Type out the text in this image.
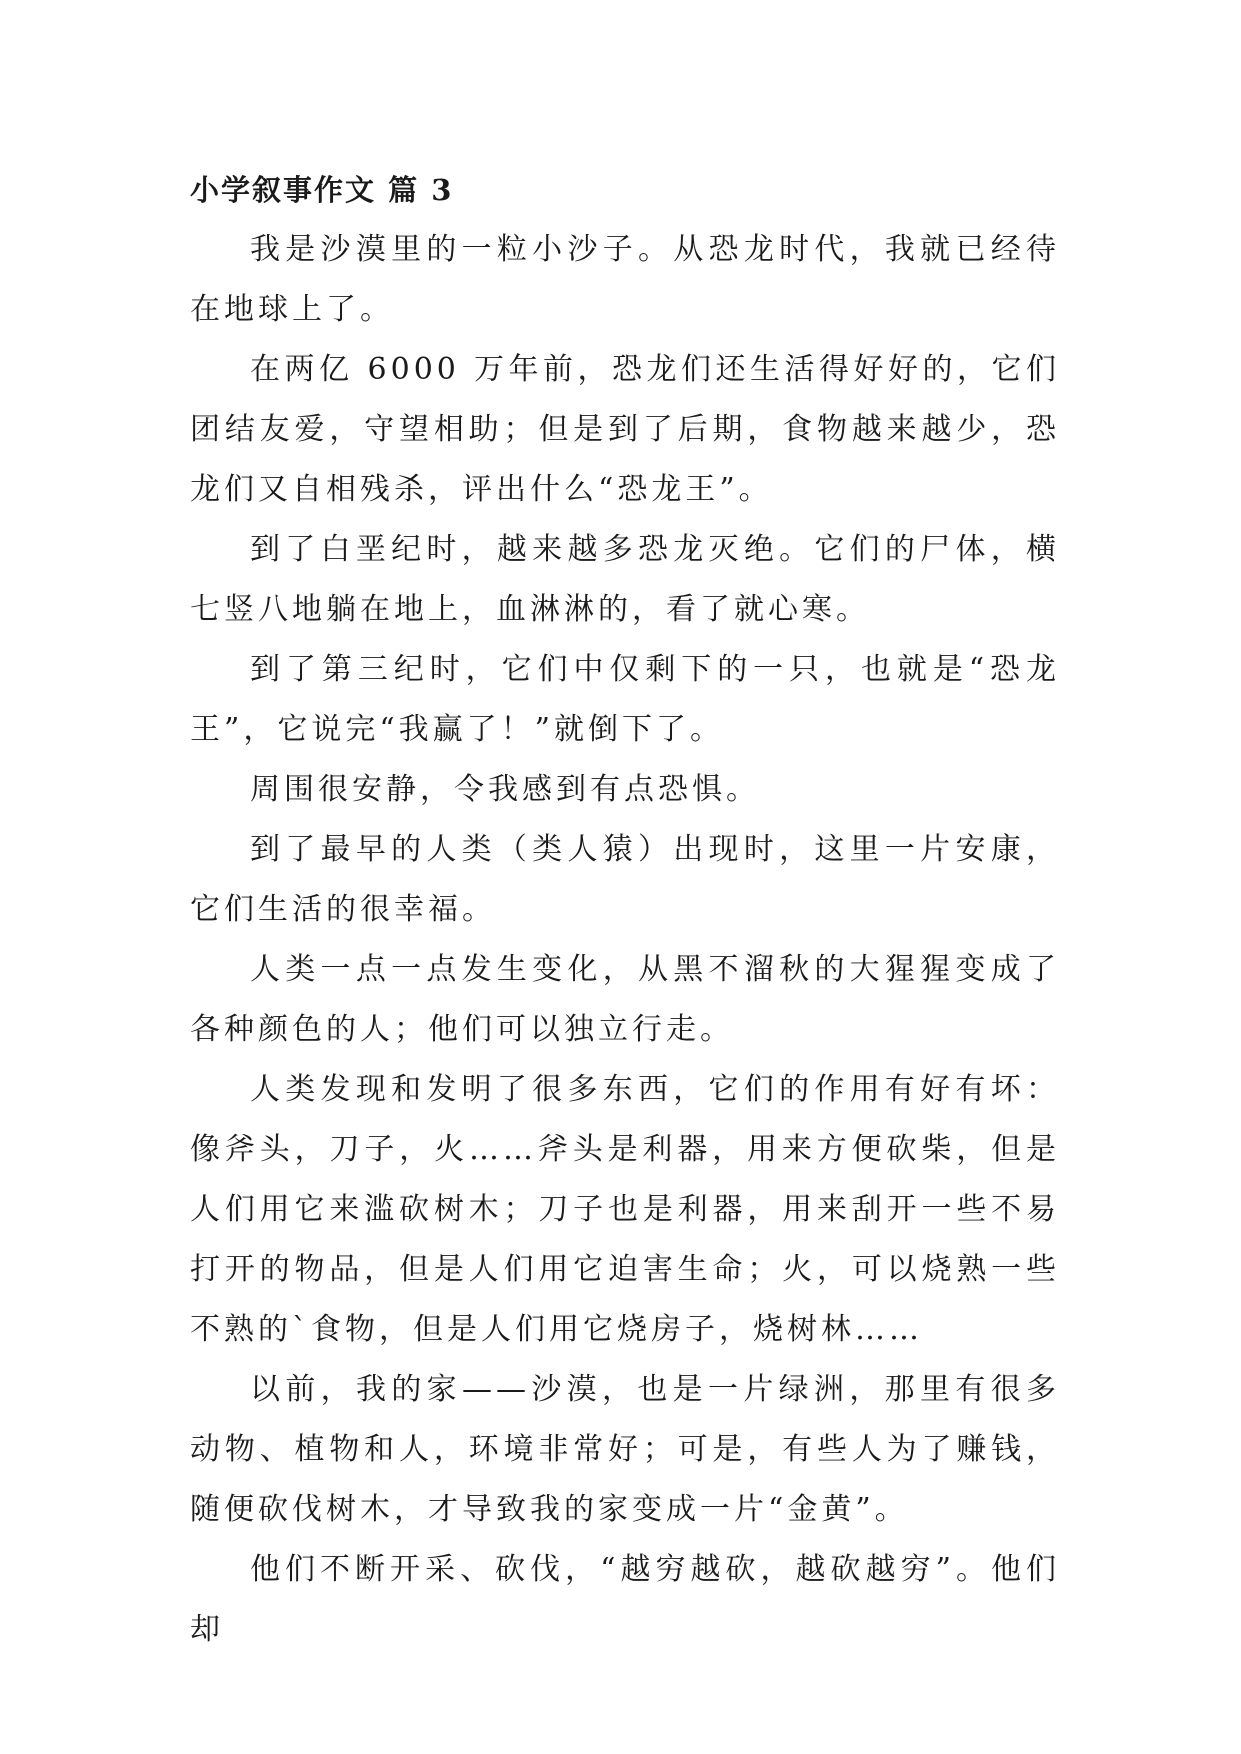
小学叙事作文 篇 3

我是沙漠里的一粒小沙子。从恐龙时代，我就已经待在地球上了。

在两亿 6000 万年前，恐龙们还生活得好好的，它们团结友爱，守望相助；但是到了后期，食物越来越少，恐龙们又自相残杀，评出什么“恐龙王”。

到了白垩纪时，越来越多恐龙灭绝。它们的尸体，横七竖八地躺在地上，血淋淋的，看了就心寒。

到了第三纪时，它们中仅剩下的一只，也就是“恐龙王”，它说完“我赢了！”就倒下了。

周围很安静，令我感到有点恐惧。

到了最早的人类（类人猿）出现时，这里一片安康，它们生活的很幸福。

人类一点一点发生变化，从黑不溜秋的大猩猩变成了各种颜色的人；他们可以独立行走。

人类发现和发明了很多东西，它们的作用有好有坏：像斧头，刀子，火……斧头是利器，用来方便砍柴，但是人们用它来滥砍树木；刀子也是利器，用来刮开一些不易打开的物品，但是人们用它迫害生命；火，可以烧熟一些不熟的`食物，但是人们用它烧房子，烧树林……

以前，我的家——沙漠，也是一片绿洲，那里有很多动物、植物和人，环境非常好；可是，有些人为了赚钱，随便砍伐树木，才导致我的家变成一片“金黄”。

他们不断开采、砍伐，“越穷越砍，越砍越穷”。他们却
